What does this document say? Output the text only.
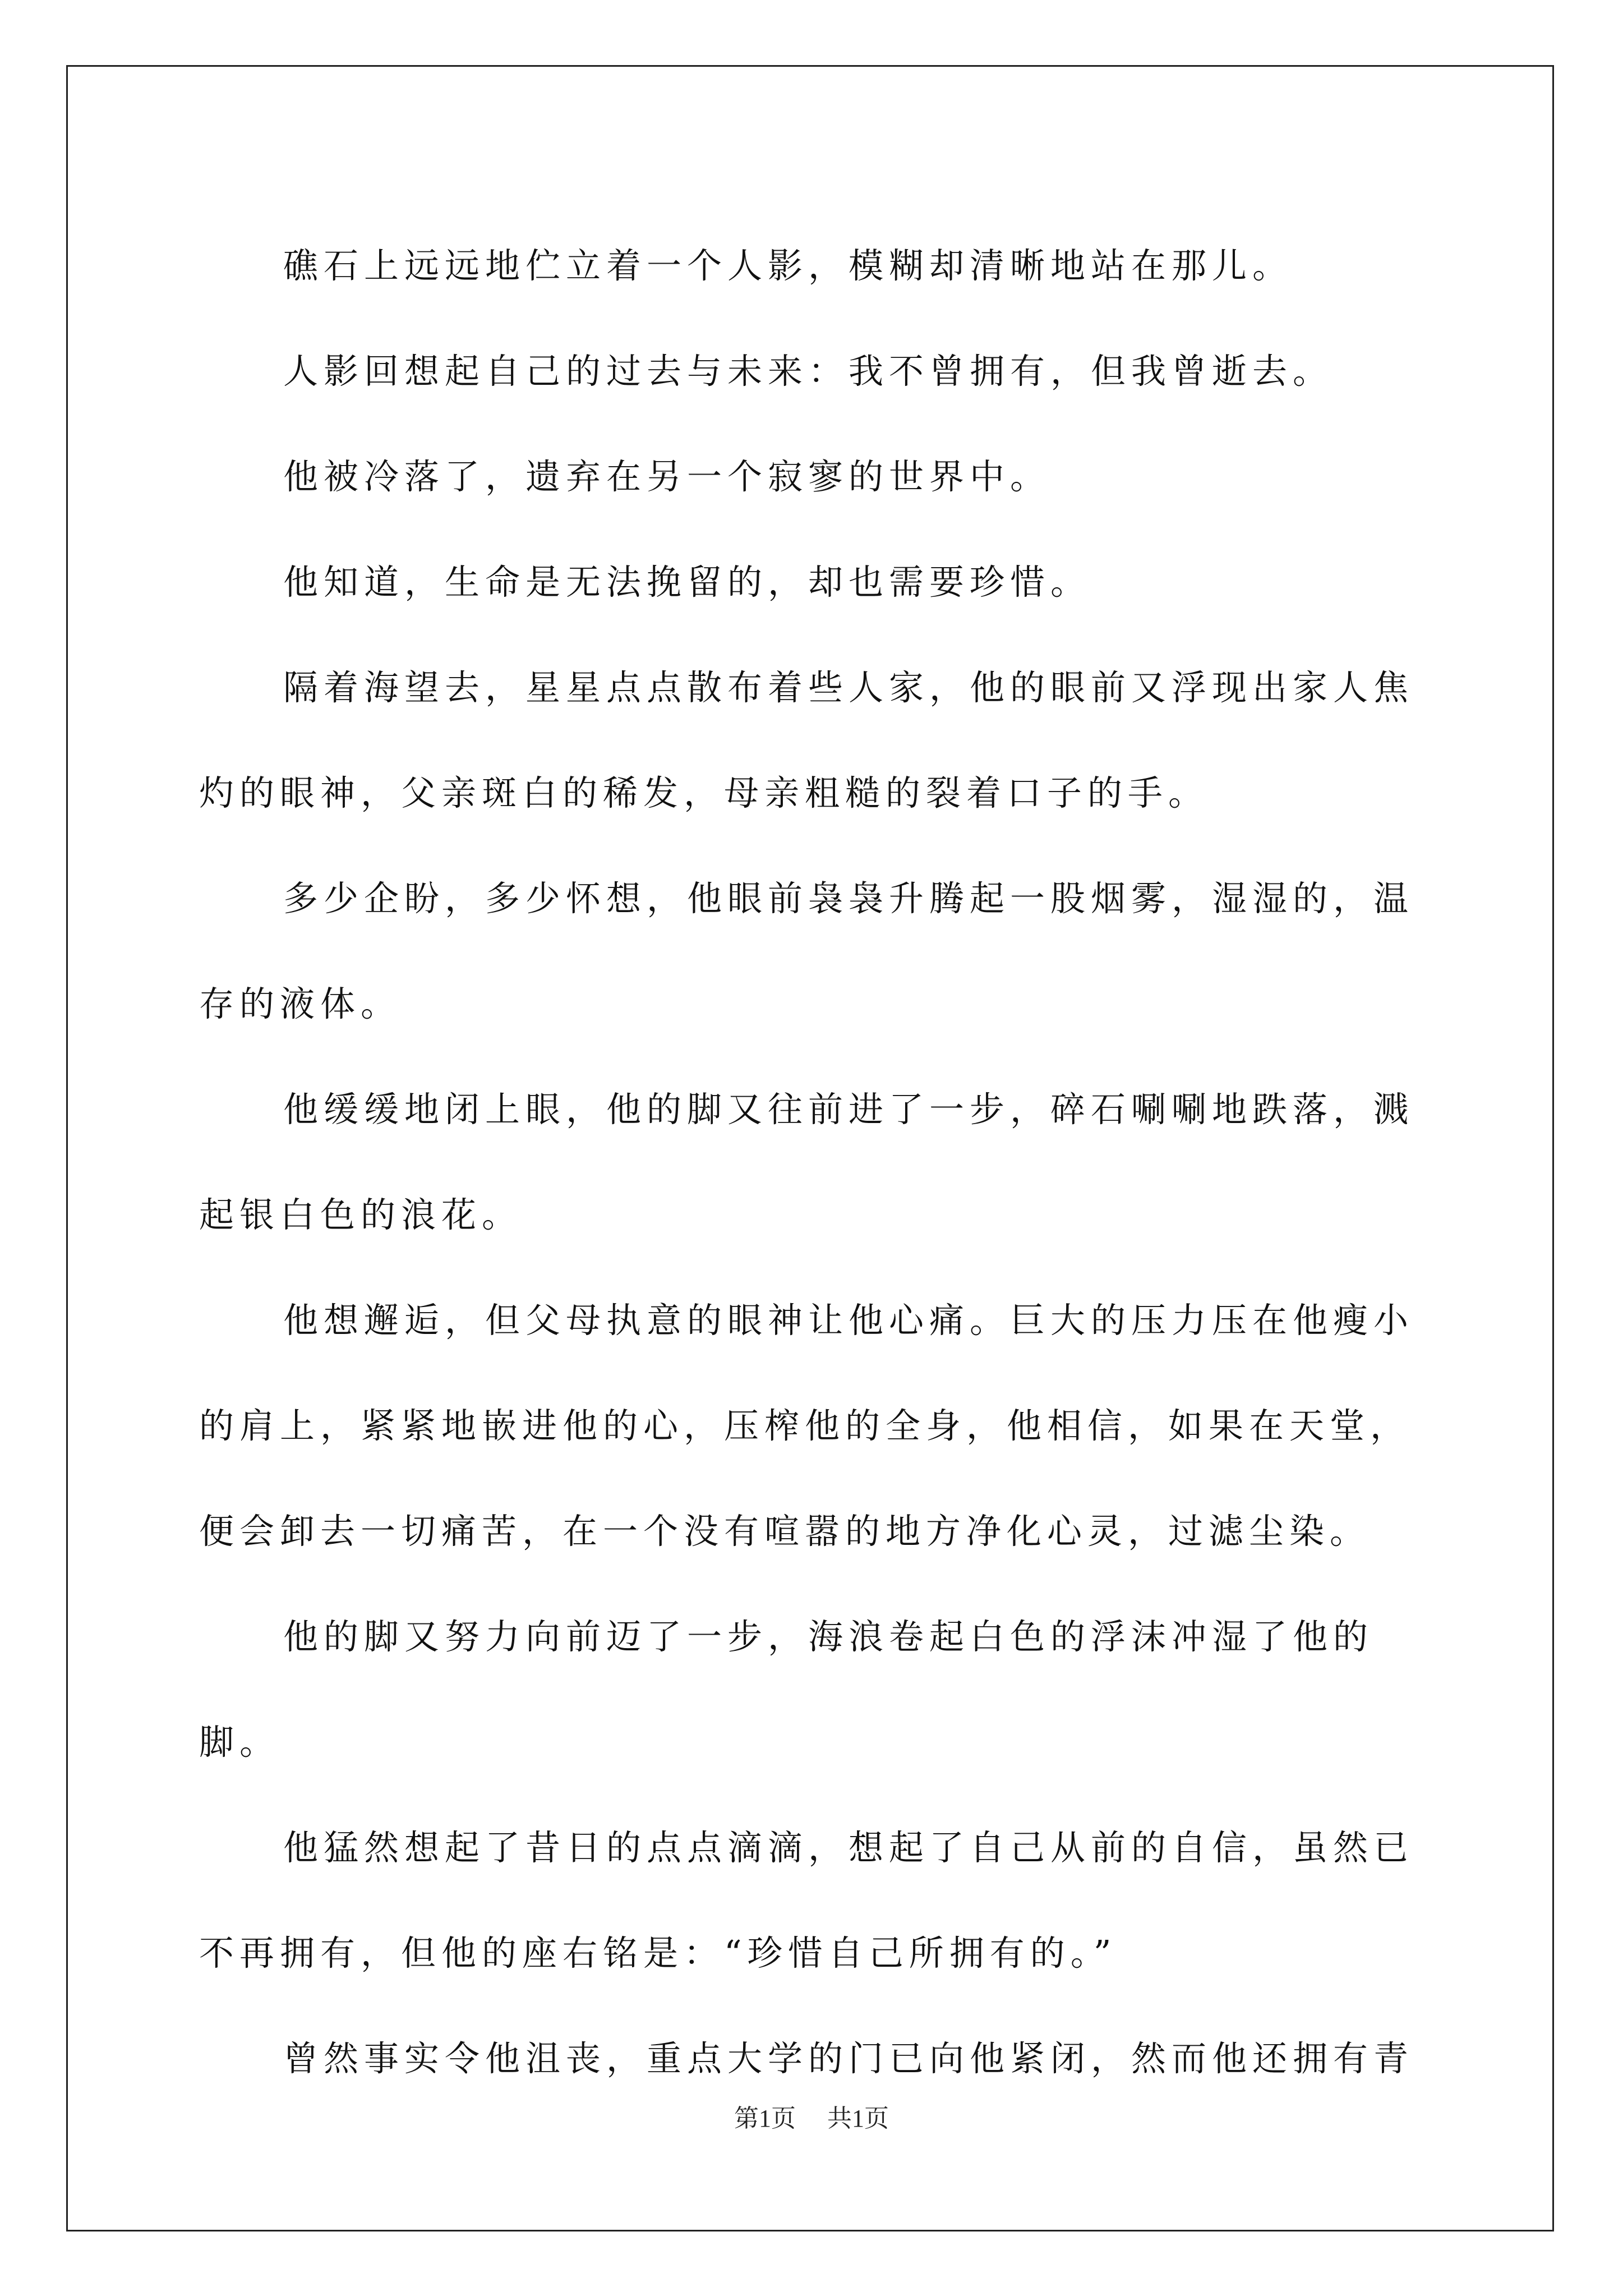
礁石上远远地伫立着一个人影，模糊却清晰地站在那儿。

人影回想起自己的过去与未来：我不曾拥有，但我曾逝去。

他被冷落了，遗弃在另一个寂寥的世界中。

他知道，生命是无法挽留的，却也需要珍惜。

隔着海望去，星星点点散布着些人家，他的眼前又浮现出家人焦灼的眼神，父亲斑白的稀发，母亲粗糙的裂着口子的手。

多少企盼，多少怀想，他眼前袅袅升腾起一股烟雾，湿湿的，温存的液体。

他缓缓地闭上眼，他的脚又往前进了一步，碎石唰唰地跌落，溅起银白色的浪花。

他想邂逅，但父母执意的眼神让他心痛。巨大的压力压在他瘦小的肩上，紧紧地嵌进他的心，压榨他的全身，他相信，如果在天堂，便会卸去一切痛苦，在一个没有喧嚣的地方净化心灵，过滤尘染。

他的脚又努力向前迈了一步，海浪卷起白色的浮沫冲湿了他的脚。

他猛然想起了昔日的点点滴滴，想起了自己从前的自信，虽然已不再拥有，但他的座右铭是：“珍惜自己所拥有的。”

曾然事实令他沮丧，重点大学的门已向他紧闭，然而他还拥有青

第1页 共1页
